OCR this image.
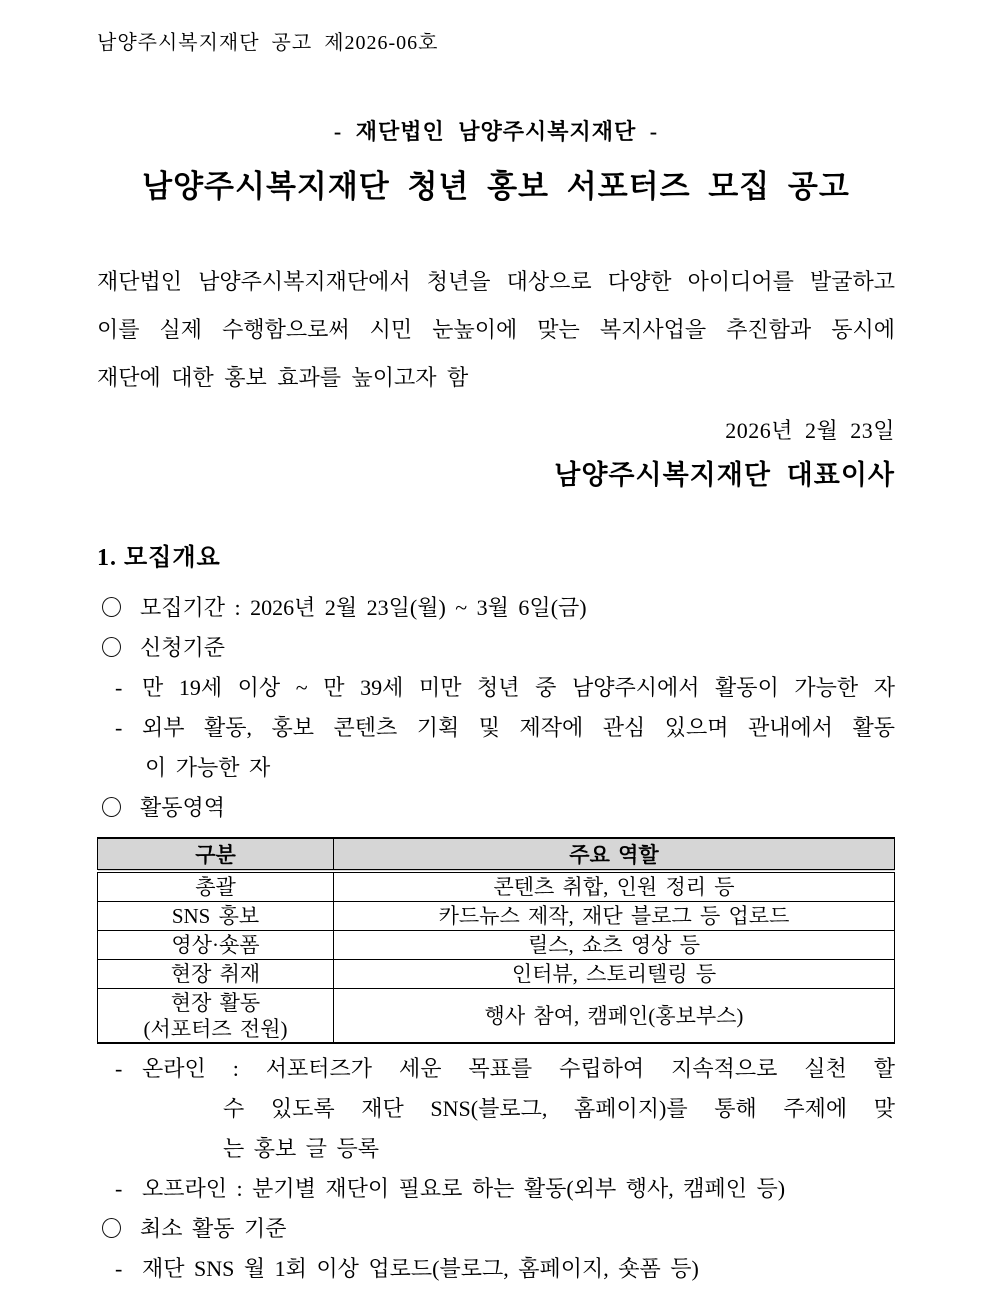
남양주시복지재단 공고 제2026-06호
- 재단법인 남양주시복지재단 -
남양주시복지재단 청년 홍보 서포터즈 모집 공고
재단법인 남양주시복지재단에서 청년을 대상으로 다양한 아이디어를 발굴하고
이를 실제 수행함으로써 시민 눈높이에 맞는 복지사업을 추진함과 동시에
재단에 대한 홍보 효과를 높이고자 함
2026년  2월  23일
남양주시복지재단 대표이사
1. 모집개요
모집기간 : 2026년 2월 23일(월) ~ 3월 6일(금)
신청기준
- 만 19세 이상 ~ 만 39세 미만 청년 중 남양주시에서 활동이 가능한 자
- 외부 활동, 홍보 콘텐츠 기획 및 제작에 관심 있으며 관내에서 활동
이 가능한 자
활동영역
구분	주요 역할
총괄	콘텐츠 취합, 인원 정리 등
SNS 홍보	카드뉴스 제작, 재단 블로그 등 업로드
영상·숏폼	릴스, 쇼츠 영상 등
현장 취재	인터뷰, 스토리텔링 등
현장 활동
(서포터즈 전원)	행사 참여, 캠페인(홍보부스)
- 온라인 : 서포터즈가 세운 목표를 수립하여 지속적으로 실천 할
수 있도록 재단 SNS(블로그, 홈페이지)를 통해 주제에 맞
는 홍보 글 등록
- 오프라인 : 분기별 재단이 필요로 하는 활동(외부 행사, 캠페인 등)
최소 활동 기준
- 재단 SNS 월 1회 이상 업로드(블로그, 홈페이지, 숏폼 등)
